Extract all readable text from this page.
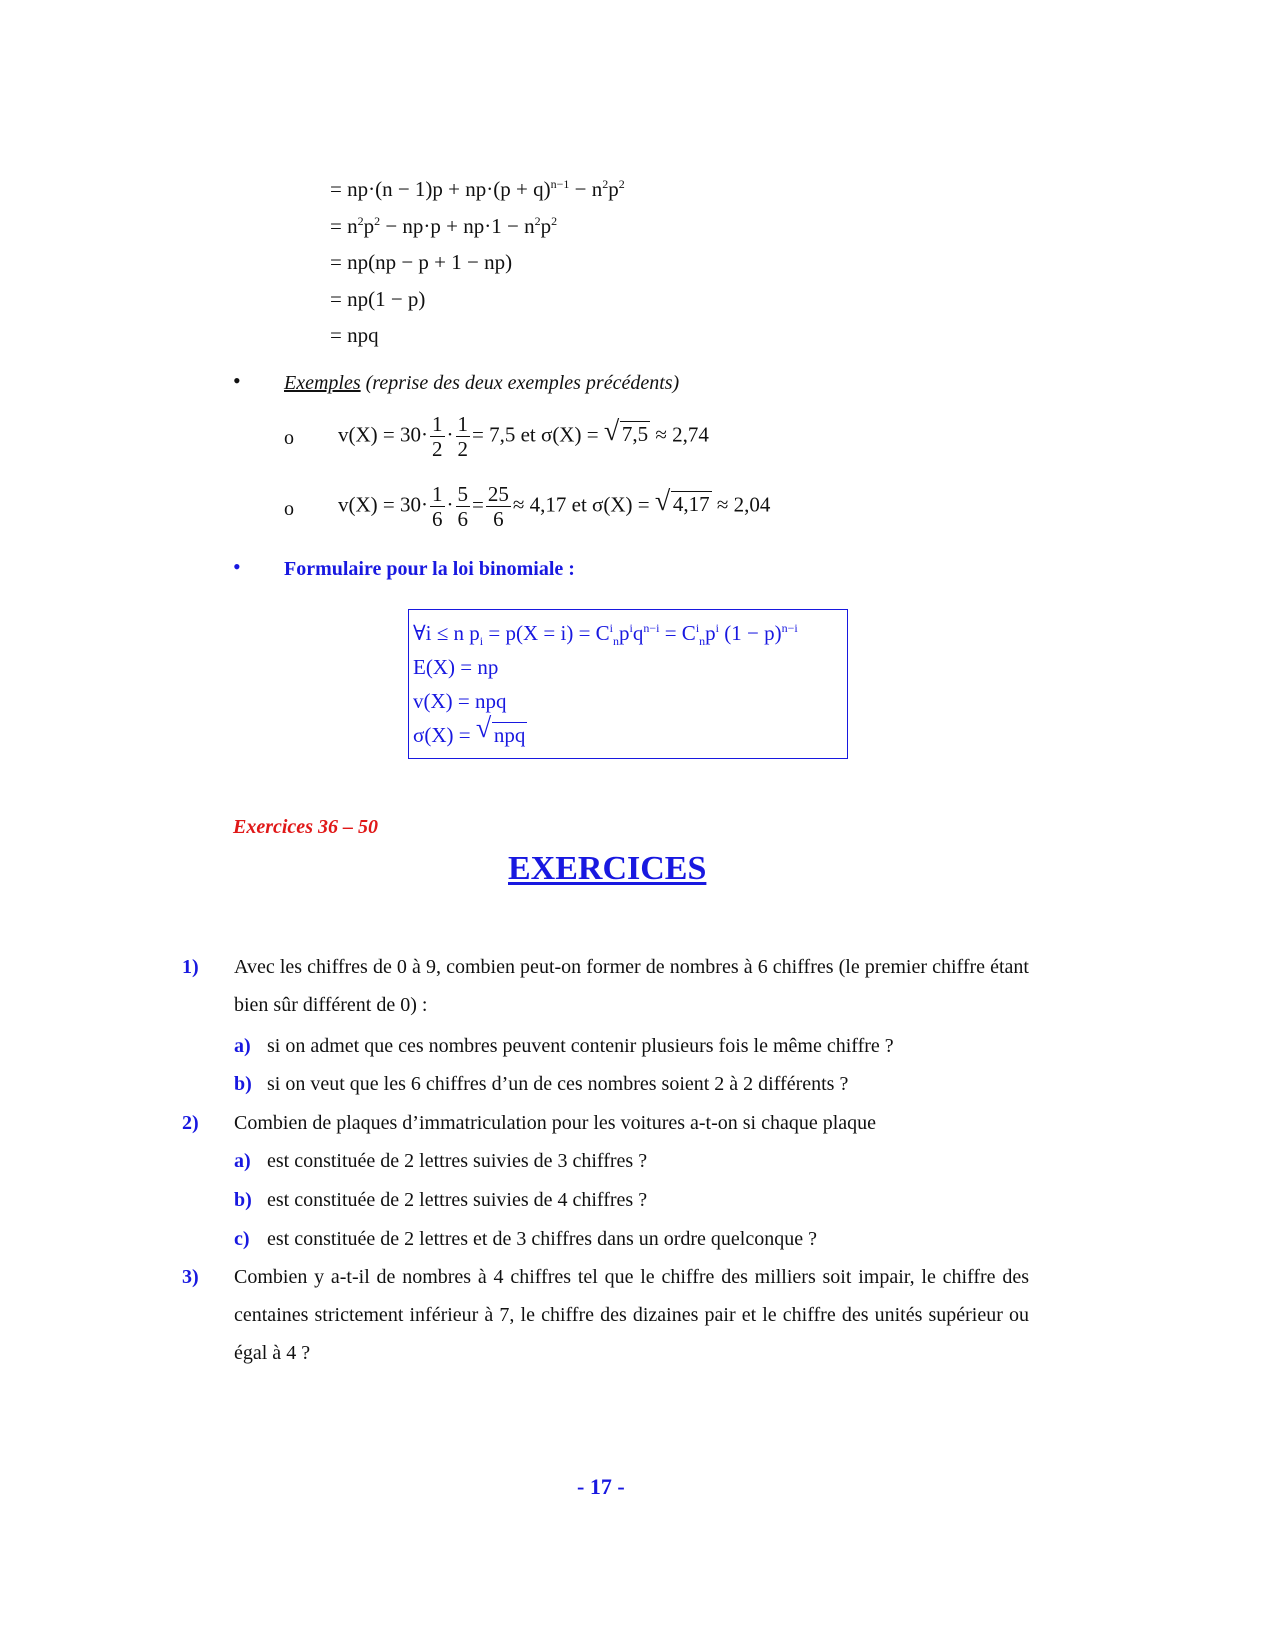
= $np\cdot(n - 1)p + np\cdot(p + q)^{n-1} - n^2p^2$
= $n^2p^2 - np\cdot p + np\cdot 1 - n^2p^2$
= np(np − p + 1 − np)
= np(1 − p)
= npq
• Exemples (reprise des deux exemples précédents)
o $v(X) = 30\cdot \frac{1}{2} \cdot \frac{1}{2} = 7,5$ et σ(X) = √ 7,5 ≈ 2,74
o $v(X) = 30\cdot \frac{1}{6} \cdot \frac{5}{6} = \frac{25}{6} \approx 4,17$ et σ(X) = √ 4,17 ≈ 2,04
• Formulaire pour la loi binomiale :
∀i ≤ n $p_i = p(X = i) = C^i_np^iq^{n-i} = C^i_np^i$ $(1 - p)^{n-i}$
E(X) = np
v(X) = npq
σ(X) = √ npq
Exercices 36 – 50
EXERCICES
1) Avec les chiffres de 0 à 9, combien peut-on former de nombres à 6 chiffres (le premier chiffre étant bien sûr différent de 0) :
a) si on admet que ces nombres peuvent contenir plusieurs fois le même chiffre ?
b) si on veut que les 6 chiffres d’un de ces nombres soient 2 à 2 différents ?
2) Combien de plaques d’immatriculation pour les voitures a-t-on si chaque plaque
a) est constituée de 2 lettres suivies de 3 chiffres ?
b) est constituée de 2 lettres suivies de 4 chiffres ?
c) est constituée de 2 lettres et de 3 chiffres dans un ordre quelconque ?
3) Combien y a-t-il de nombres à 4 chiffres tel que le chiffre des milliers soit impair, le chiffre des centaines strictement inférieur à 7, le chiffre des dizaines pair et le chiffre des unités supérieur ou égal à 4 ?
- 17 -
